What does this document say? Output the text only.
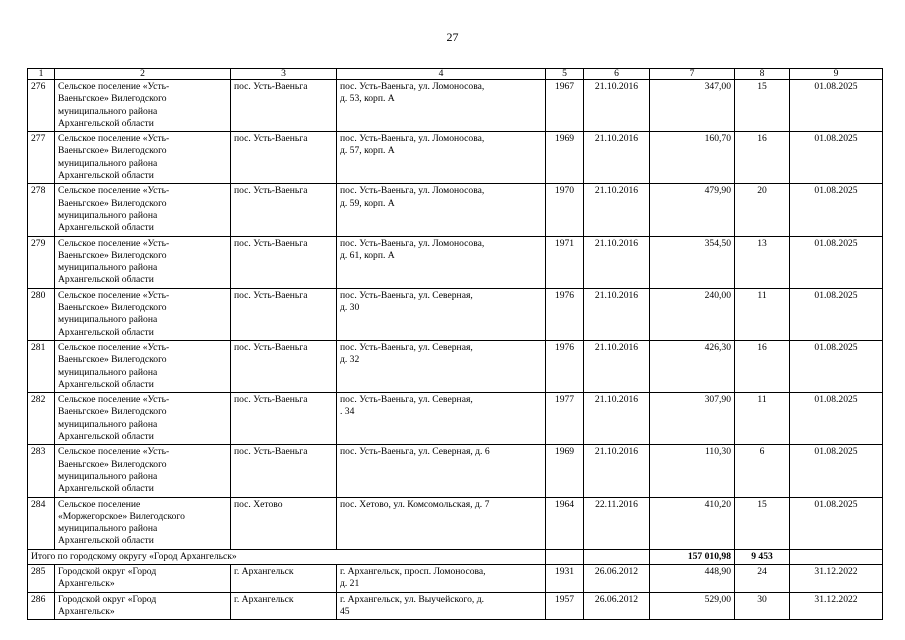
27
1	2	3	4	5	6	7	8	9
276	Сельское поселение «Усть-
Ваеньгское» Вилегодского
муниципального района
Архангельской области	пос. Усть-Ваеньга	пос. Усть-Ваеньга, ул. Ломоносова,
д. 53, корп. А	1967	21.10.2016	347,00	15	01.08.2025
277	Сельское поселение «Усть-
Ваеньгское» Вилегодского
муниципального района
Архангельской области	пос. Усть-Ваеньга	пос. Усть-Ваеньга, ул. Ломоносова,
д. 57, корп. А	1969	21.10.2016	160,70	16	01.08.2025
278	Сельское поселение «Усть-
Ваеньгское» Вилегодского
муниципального района
Архангельской области	пос. Усть-Ваеньга	пос. Усть-Ваеньга, ул. Ломоносова,
д. 59, корп. А	1970	21.10.2016	479,90	20	01.08.2025
279	Сельское поселение «Усть-
Ваеньгское» Вилегодского
муниципального района
Архангельской области	пос. Усть-Ваеньга	пос. Усть-Ваеньга, ул. Ломоносова,
д. 61, корп. А	1971	21.10.2016	354,50	13	01.08.2025
280	Сельское поселение «Усть-
Ваеньгское» Вилегодского
муниципального района
Архангельской области	пос. Усть-Ваеньга	пос. Усть-Ваеньга, ул. Северная,
д. 30	1976	21.10.2016	240,00	11	01.08.2025
281	Сельское поселение «Усть-
Ваеньгское» Вилегодского
муниципального района
Архангельской области	пос. Усть-Ваеньга	пос. Усть-Ваеньга, ул. Северная,
д. 32	1976	21.10.2016	426,30	16	01.08.2025
282	Сельское поселение «Усть-
Ваеньгское» Вилегодского
муниципального района
Архангельской области	пос. Усть-Ваеньга	пос. Усть-Ваеньга, ул. Северная,
. 34	1977	21.10.2016	307,90	11	01.08.2025
283	Сельское поселение «Усть-
Ваеньгское» Вилегодского
муниципального района
Архангельской области	пос. Усть-Ваеньга	пос. Усть-Ваеньга, ул. Северная, д. 6	1969	21.10.2016	110,30	6	01.08.2025
284	Сельское поселение
«Моржегорское» Вилегодского
муниципального района
Архангельской области	пос. Хетово	пос. Хетово, ул. Комсомольская, д. 7	1964	22.11.2016	410,20	15	01.08.2025
Итого по городскому округу «Город Архангельск»						157 010,98	9 453	
285	Городской округ «Город
Архангельск»	г. Архангельск	г. Архангельск, просп. Ломоносова,
д. 21	1931	26.06.2012	448,90	24	31.12.2022
286	Городской округ «Город
Архангельск»	г. Архангельск	г. Архангельск, ул. Выучейского, д.
45	1957	26.06.2012	529,00	30	31.12.2022
